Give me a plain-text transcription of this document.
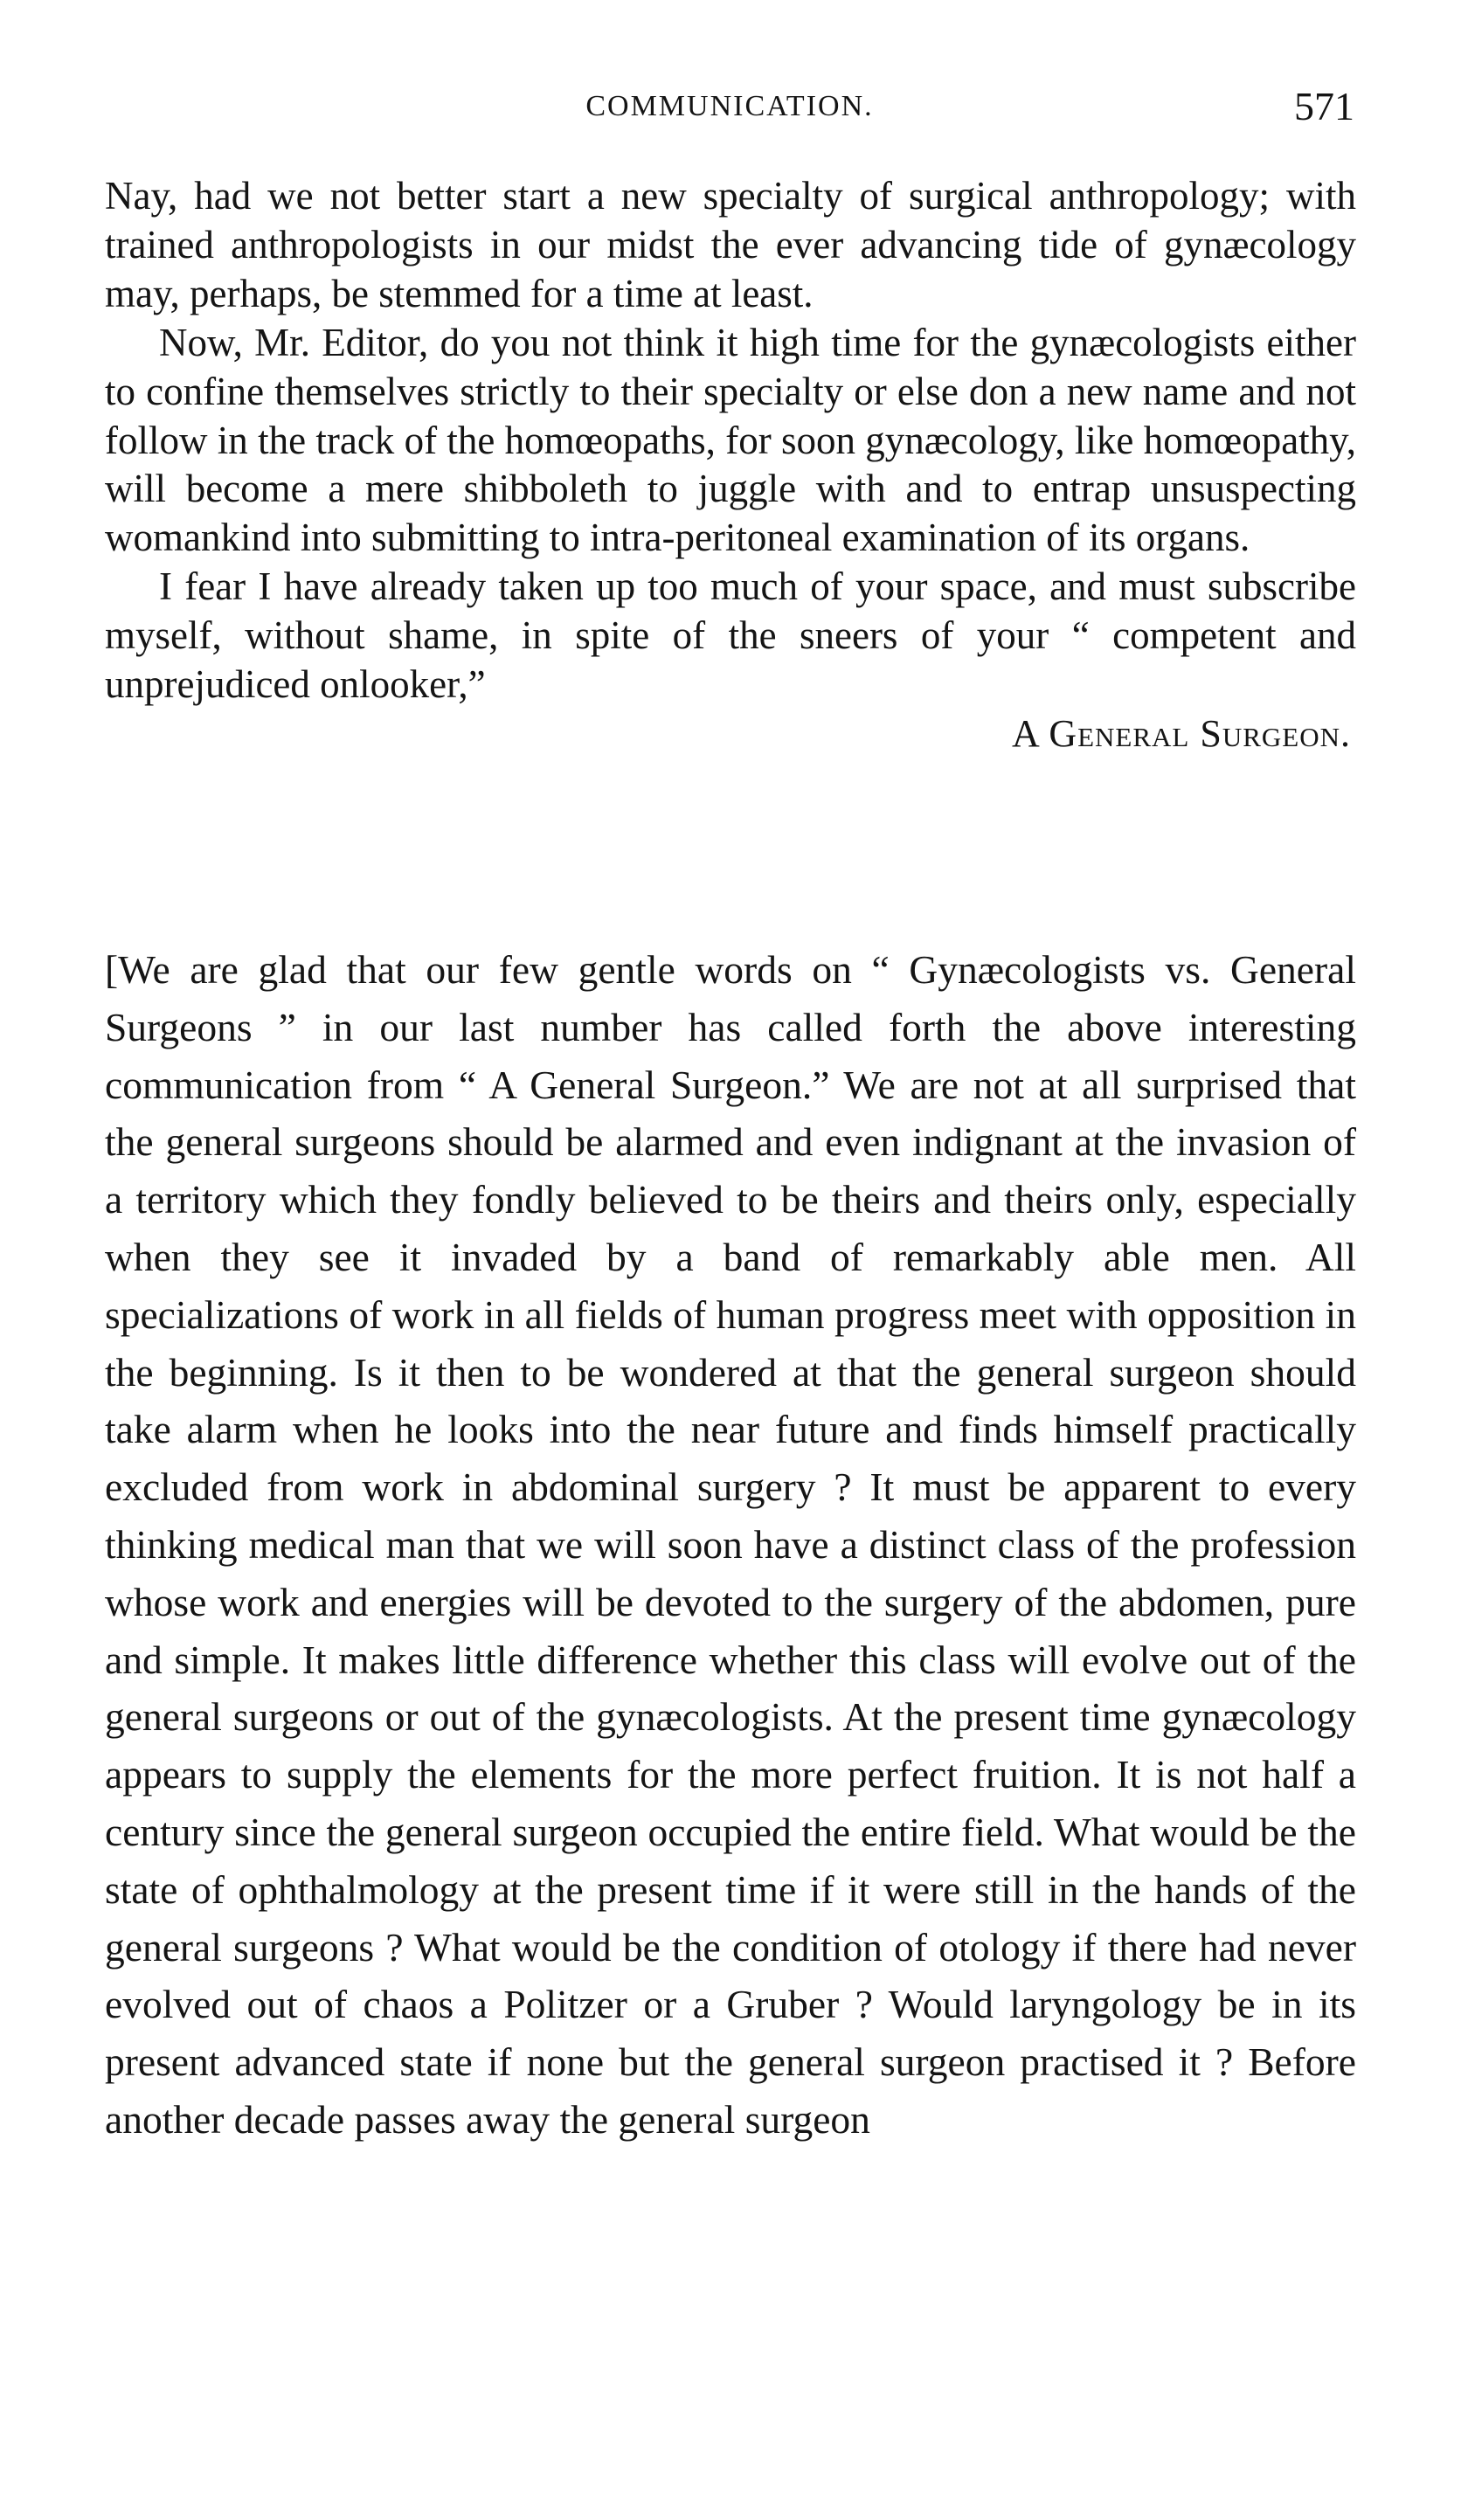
COMMUNICATION.	571

Nay, had we not better start a new specialty of surgical anthropology; with trained anthropologists in our midst the ever advancing tide of gynæcology may, perhaps, be stemmed for a time at least.

Now, Mr. Editor, do you not think it high time for the gynæcologists either to confine themselves strictly to their specialty or else don a new name and not follow in the track of the homœopaths, for soon gynæcology, like homœopathy, will become a mere shibboleth to juggle with and to entrap unsuspecting womankind into submitting to intra-peritoneal examination of its organs.

I fear I have already taken up too much of your space, and must subscribe myself, without shame, in spite of the sneers of your “ competent and unprejudiced onlooker,”

A General Surgeon.

[We are glad that our few gentle words on “ Gynæcologists vs. General Surgeons ” in our last number has called forth the above interesting communication from “ A General Surgeon.” We are not at all surprised that the general surgeons should be alarmed and even indignant at the invasion of a territory which they fondly believed to be theirs and theirs only, especially when they see it invaded by a band of remarkably able men. All specializations of work in all fields of human progress meet with opposition in the beginning. Is it then to be wondered at that the general surgeon should take alarm when he looks into the near future and finds himself practically excluded from work in abdominal surgery ? It must be apparent to every thinking medical man that we will soon have a distinct class of the profession whose work and energies will be devoted to the surgery of the abdomen, pure and simple. It makes little difference whether this class will evolve out of the general surgeons or out of the gynæcologists. At the present time gynæcology appears to supply the elements for the more perfect fruition. It is not half a century since the general surgeon occupied the entire field. What would be the state of ophthalmology at the present time if it were still in the hands of the general surgeons ? What would be the condition of otology if there had never evolved out of chaos a Politzer or a Gruber ? Would laryngology be in its present advanced state if none but the general surgeon practised it ? Before another decade passes away the general surgeon
